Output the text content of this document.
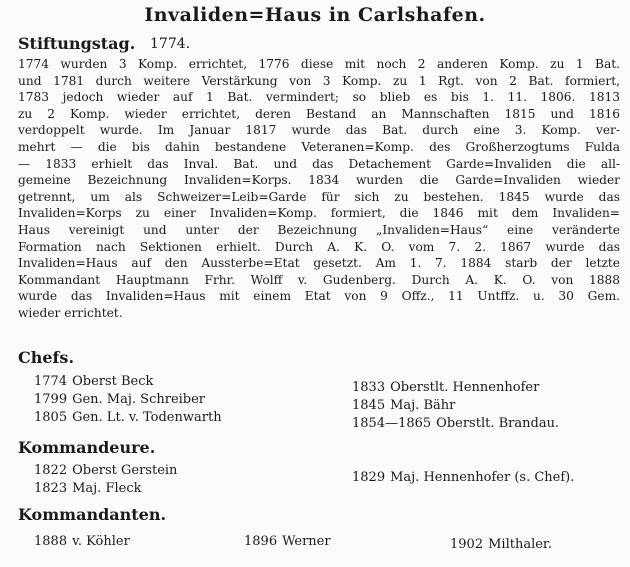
Invaliden=Haus in Carlshafen.
Stiftungstag. 1774.
1774 wurden 3 Komp. errichtet, 1776 diese mit noch 2 anderen Komp. zu 1 Bat.
und 1781 durch weitere Verstärkung von 3 Komp. zu 1 Rgt. von 2 Bat. formiert,
1783 jedoch wieder auf 1 Bat. vermindert; so blieb es bis 1. 11. 1806. 1813
zu 2 Komp. wieder errichtet, deren Bestand an Mannschaften 1815 und 1816
verdoppelt wurde. Im Januar 1817 wurde das Bat. durch eine 3. Komp. ver-
mehrt — die bis dahin bestandene Veteranen=Komp. des Großherzogtums Fulda
— 1833 erhielt das Inval. Bat. und das Detachement Garde=Invaliden die all-
gemeine Bezeichnung Invaliden=Korps. 1834 wurden die Garde=Invaliden wieder
getrennt, um als Schweizer=Leib=Garde für sich zu bestehen. 1845 wurde das
Invaliden=Korps zu einer Invaliden=Komp. formiert, die 1846 mit dem Invaliden=
Haus vereinigt und unter der Bezeichnung „Invaliden=Haus“ eine veränderte
Formation nach Sektionen erhielt. Durch A. K. O. vom 7. 2. 1867 wurde das
Invaliden=Haus auf den Aussterbe=Etat gesetzt. Am 1. 7. 1884 starb der letzte
Kommandant Hauptmann Frhr. Wolff v. Gudenberg. Durch A. K. O. von 1888
wurde das Invaliden=Haus mit einem Etat von 9 Offz., 11 Untffz. u. 30 Gem.
wieder errichtet.
Chefs.
1774 Oberst Beck
1799 Gen. Maj. Schreiber
1805 Gen. Lt. v. Todenwarth
1833 Oberstlt. Hennenhofer
1845 Maj. Bähr
1854—1865 Oberstlt. Brandau.
Kommandeure.
1822 Oberst Gerstein
1823 Maj. Fleck
1829 Maj. Hennenhofer (s. Chef).
Kommandanten.
1888 v. Köhler	1896 Werner	1902 Milthaler.
